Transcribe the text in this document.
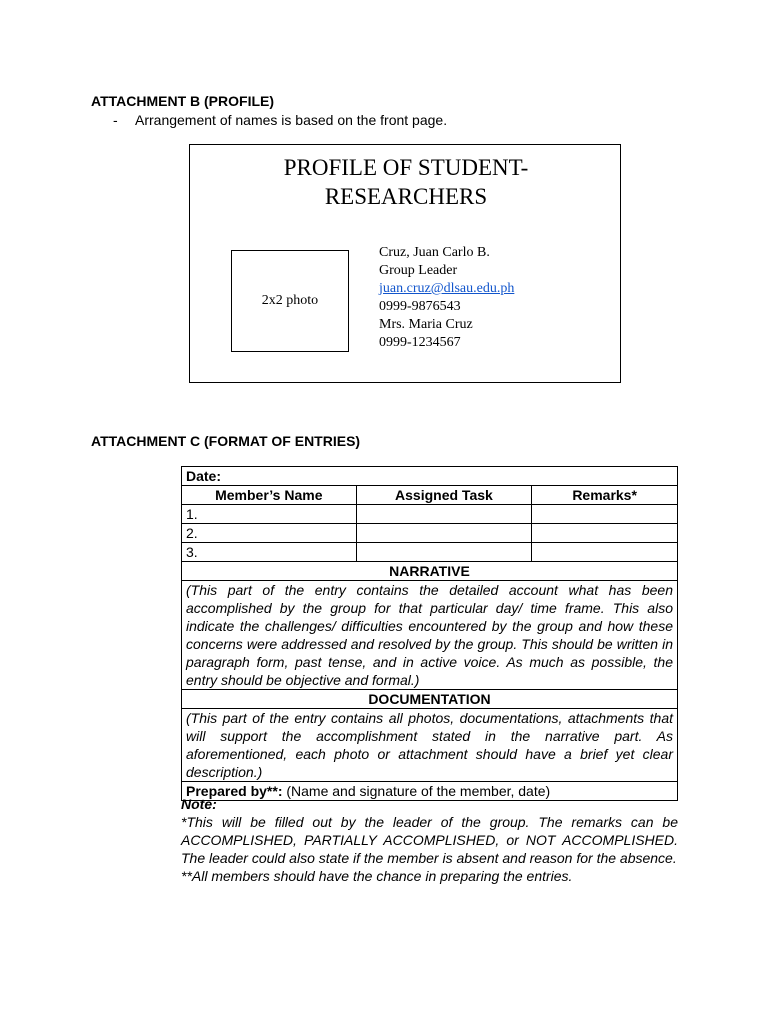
ATTACHMENT B (PROFILE)
- Arrangement of names is based on the front page.
PROFILE OF STUDENT-
RESEARCHERS
2x2 photo
Cruz, Juan Carlo B.
Group Leader
juan.cruz@dlsau.edu.ph
0999-9876543
Mrs. Maria Cruz
0999-1234567
ATTACHMENT C (FORMAT OF ENTRIES)
Date:		
Member’s Name	Assigned Task	Remarks*
1.		
2.		
3.		
NARRATIVE		
(This part of the entry contains the detailed account what has been accomplished by the group for that particular day/ time frame. This also indicate the challenges/ difficulties encountered by the group and how these concerns were addressed and resolved by the group. This should be written in paragraph form, past tense, and in active voice. As much as possible, the entry should be objective and formal.)		
DOCUMENTATION		
(This part of the entry contains all photos, documentations, attachments that will support the accomplishment stated in the narrative part. As aforementioned, each photo or attachment should have a brief yet clear description.)		
Prepared by**: (Name and signature of the member, date)		
Note:
*This will be filled out by the leader of the group. The remarks can be ACCOMPLISHED, PARTIALLY ACCOMPLISHED, or NOT ACCOMPLISHED. The leader could also state if the member is absent and reason for the absence.
**All members should have the chance in preparing the entries.
